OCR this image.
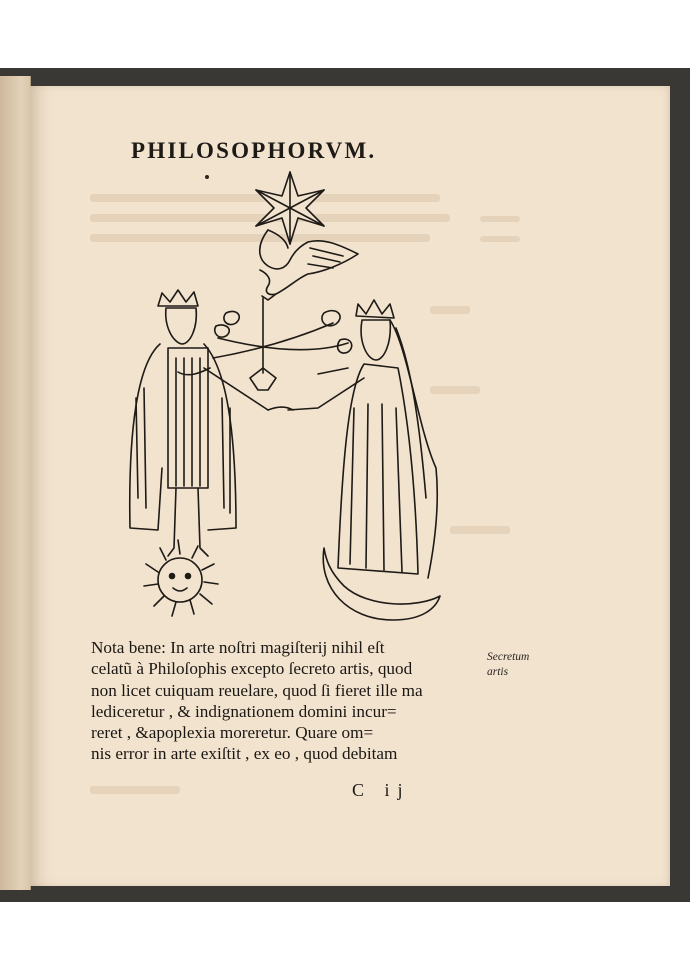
PHILOSOPHORVM.
Nota bene: In arte noſtri magiſterij nihil eſt
celatũ à Philoſophis excepto ſecreto artis, quod
non licet cuiquam reuelare, quod ſi fieret ille ma
lediceretur , & indignationem domini incur=
reret , &apoplexia moreretur. Quare om=
nis error in arte exiſtit , ex eo , quod debitam
C ij
Secretum
artis
